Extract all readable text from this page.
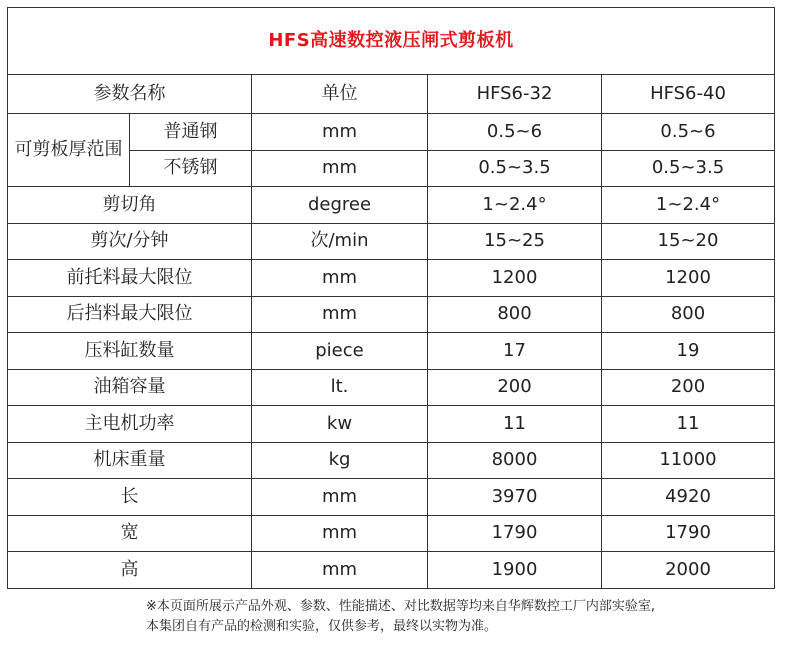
HFS高速数控液压闸式剪板机				
参数名称		单位	HFS6-32	HFS6-40
可剪板厚范围	普通钢	mm	0.5~6	0.5~6
	不锈钢	mm	0.5~3.5	0.5~3.5
剪切角		degree	1~2.4°	1~2.4°
剪次/分钟		次/min	15~25	15~20
前托料最大限位		mm	1200	1200
后挡料最大限位		mm	800	800
压料缸数量		piece	17	19
油箱容量		lt.	200	200
主电机功率		kw	11	11
机床重量		kg	8000	11000
长		mm	3970	4920
宽		mm	1790	1790
高		mm	1900	2000
※本页面所展示产品外观、参数、性能描述、对比数据等均来自华辉数控工厂内部实验室,
本集团自有产品的检测和实验，仅供参考，最终以实物为准。
